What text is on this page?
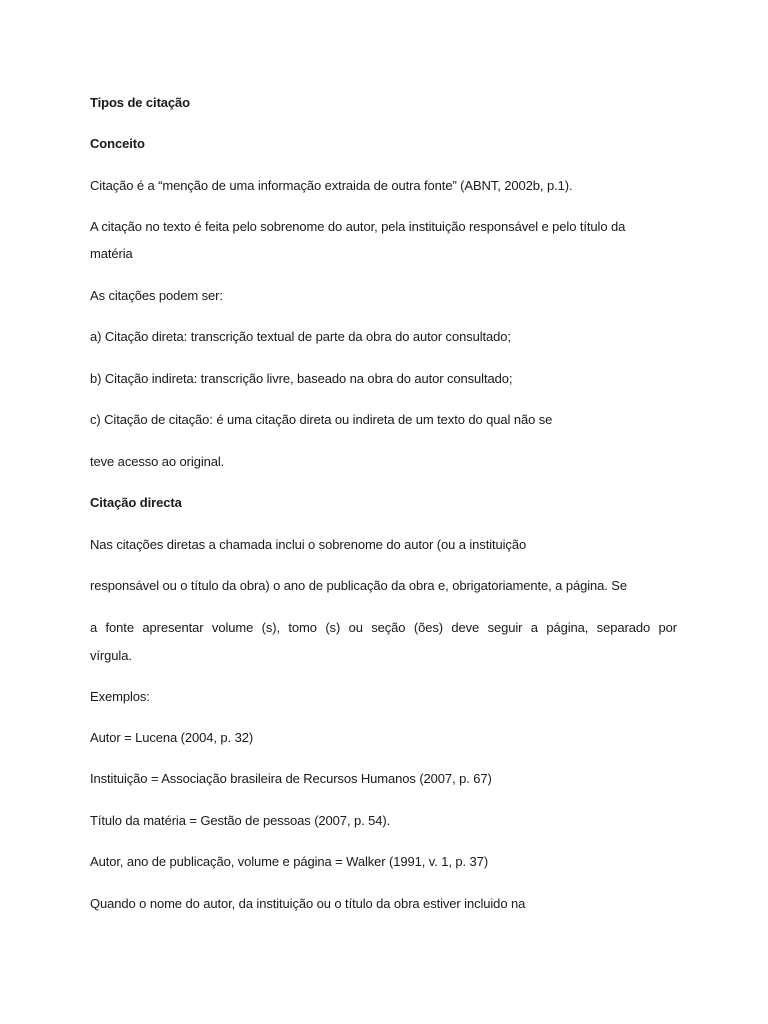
Tipos de citação
Conceito
Citação é a “menção de uma informação extraida de outra fonte” (ABNT, 2002b, p.1).
A citação no texto é feita pelo sobrenome do autor, pela instituição responsável e pelo título da
matéria
As citações podem ser:
a) Citação direta: transcrição textual de parte da obra do autor consultado;
b) Citação indireta: transcrição livre, baseado na obra do autor consultado;
c) Citação de citação: é uma citação direta ou indireta de um texto do qual não se
teve acesso ao original.
Citação directa
Nas citações diretas a chamada inclui o sobrenome do autor (ou a instituição
responsável ou o título da obra) o ano de publicação da obra e, obrigatoriamente, a página. Se
a fonte apresentar volume (s), tomo (s) ou seção (ões) deve seguir a página, separado por
vírgula.
Exemplos:
Autor = Lucena (2004, p. 32)
Instituição = Associação brasileira de Recursos Humanos (2007, p. 67)
Título da matéria = Gestão de pessoas (2007, p. 54).
Autor, ano de publicação, volume e página = Walker (1991, v. 1, p. 37)
Quando o nome do autor, da instituição ou o título da obra estiver incluido na
